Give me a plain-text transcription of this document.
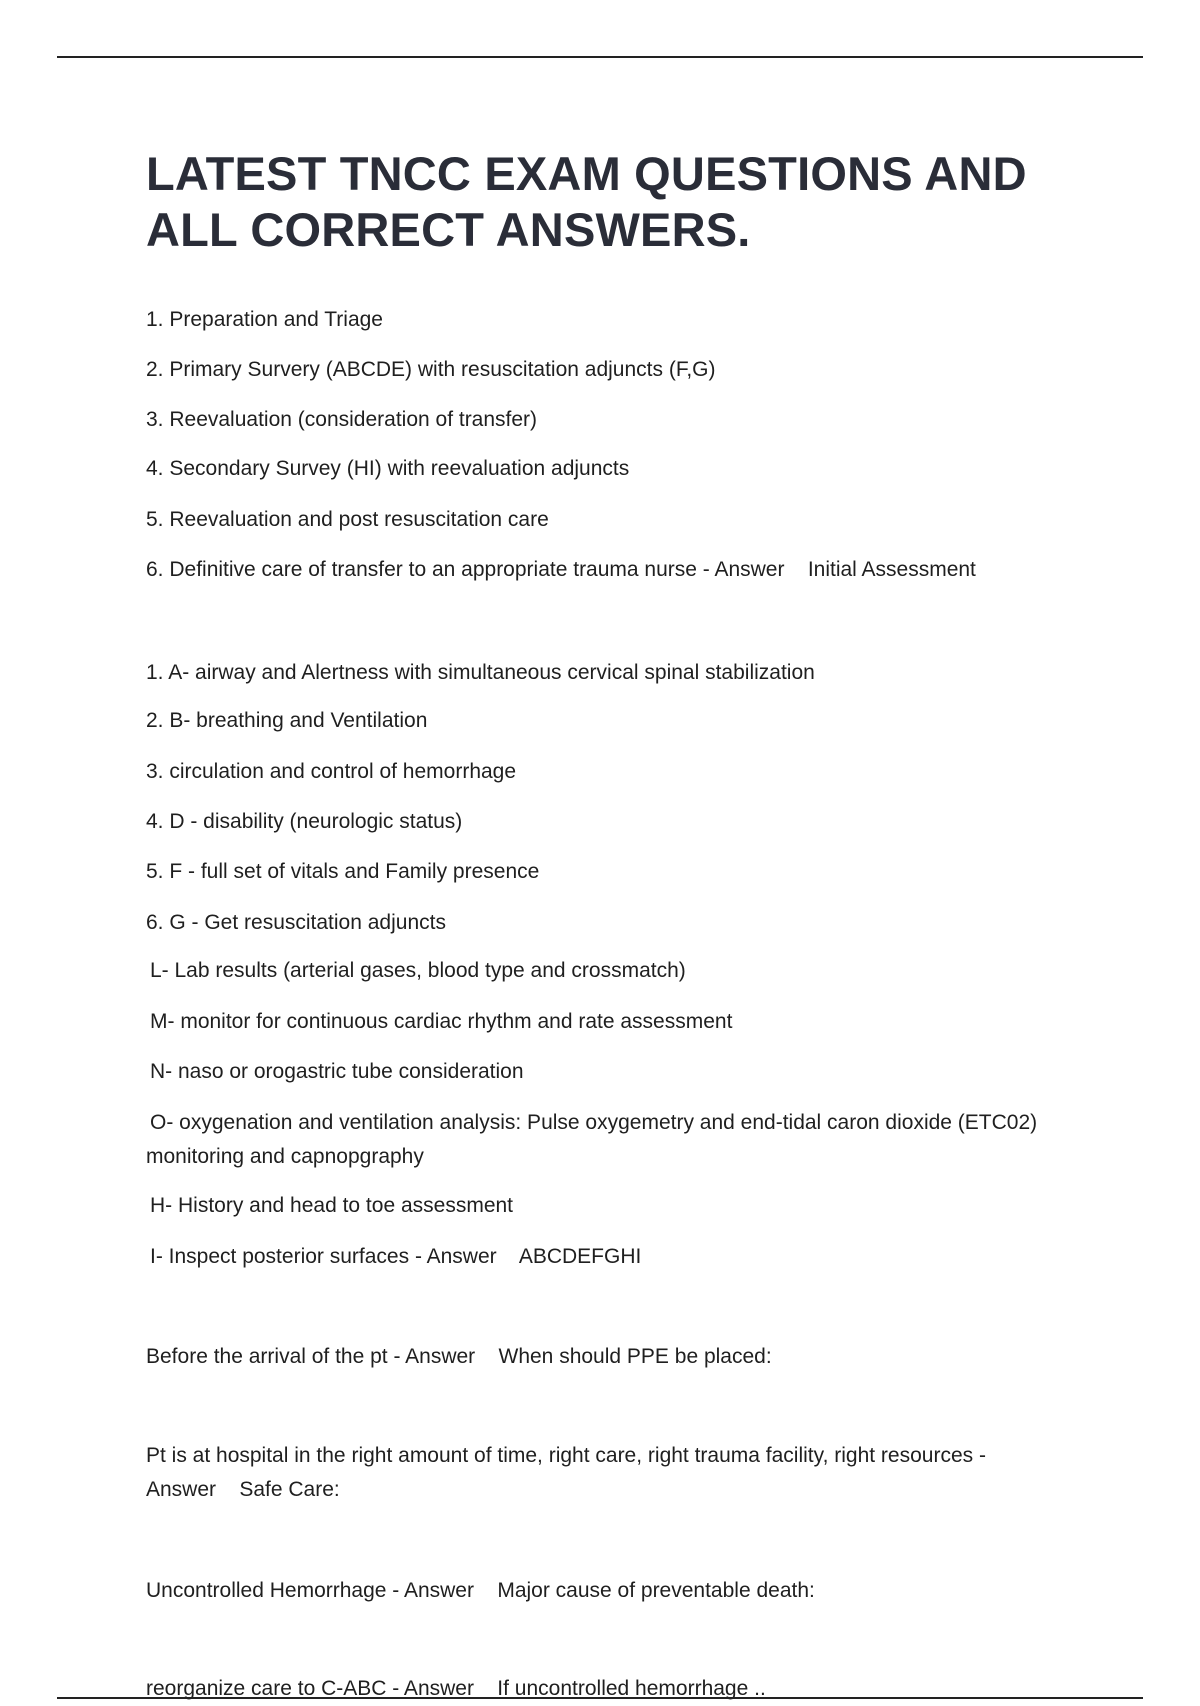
LATEST TNCC EXAM QUESTIONS AND ALL CORRECT ANSWERS.

1. Preparation and Triage

2. Primary Survery (ABCDE) with resuscitation adjuncts (F,G)

3. Reevaluation (consideration of transfer)

4. Secondary Survey (HI) with reevaluation adjuncts

5. Reevaluation and post resuscitation care

6. Definitive care of transfer to an appropriate trauma nurse - Answer    Initial Assessment

1. A- airway and Alertness with simultaneous cervical spinal stabilization

2. B- breathing and Ventilation

3. circulation and control of hemorrhage

4. D - disability (neurologic status)

5. F - full set of vitals and Family presence

6. G - Get resuscitation adjuncts

L- Lab results (arterial gases, blood type and crossmatch)

M- monitor for continuous cardiac rhythm and rate assessment

N- naso or orogastric tube consideration

O- oxygenation and ventilation analysis: Pulse oxygemetry and end-tidal caron dioxide (ETC02)

monitoring and capnopgraphy

H- History and head to toe assessment

I- Inspect posterior surfaces - Answer    ABCDEFGHI

Before the arrival of the pt - Answer    When should PPE be placed:

Pt is at hospital in the right amount of time, right care, right trauma facility, right resources -

Answer    Safe Care:

Uncontrolled Hemorrhage - Answer    Major cause of preventable death:

reorganize care to C-ABC - Answer    If uncontrolled hemorrhage ..
